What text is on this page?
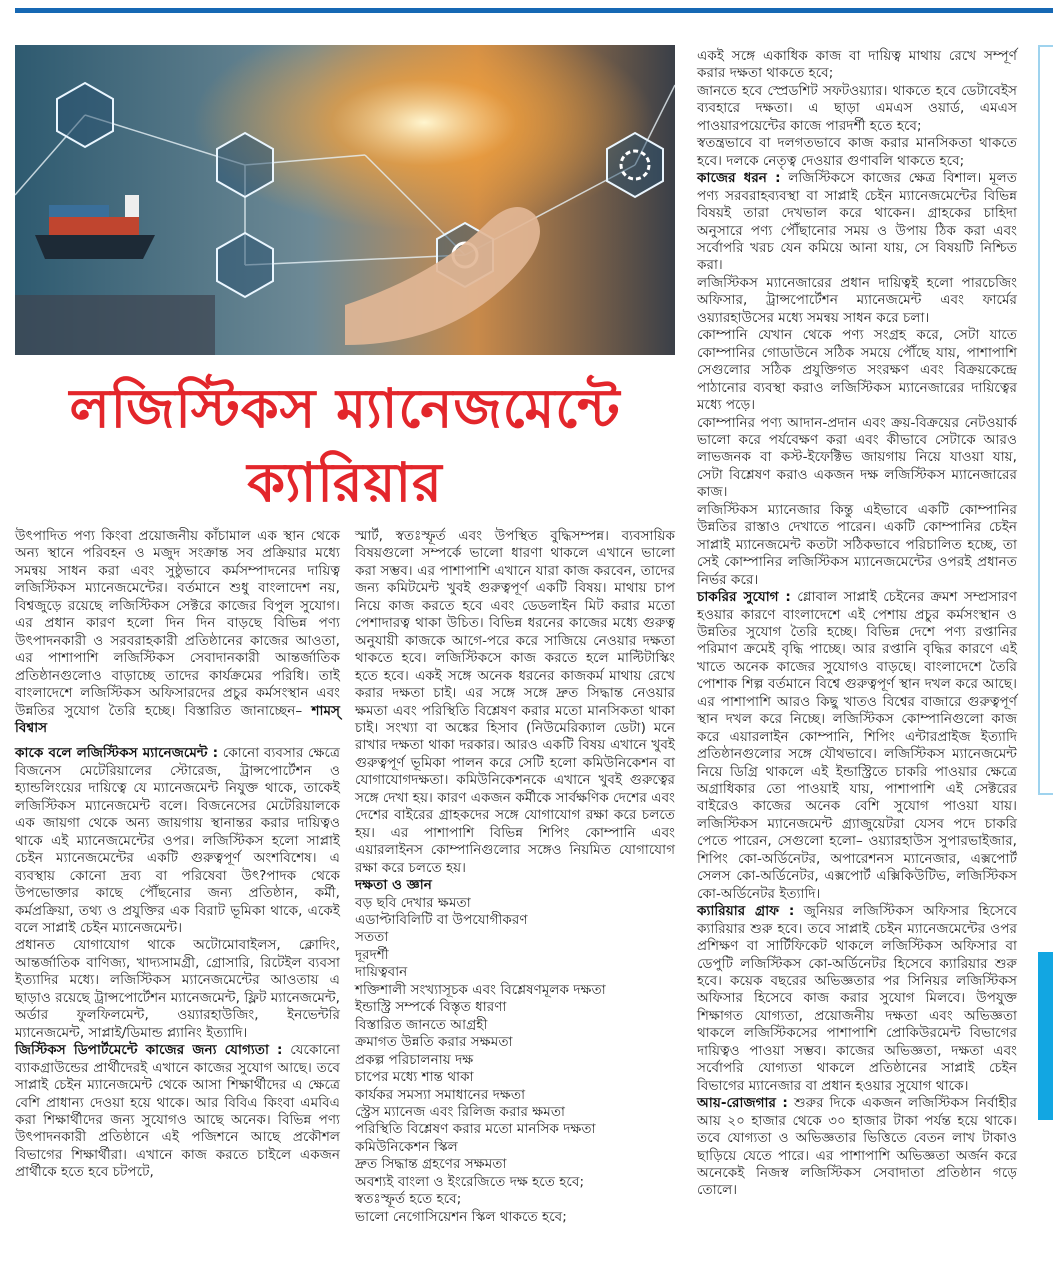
লজিস্টিকস ম্যানেজমেন্টে
ক্যারিয়ার

উৎপাদিত পণ্য কিংবা প্রয়োজনীয় কাঁচামাল এক স্থান থেকে অন্য স্থানে পরিবহন ও মজুদ সংক্রান্ত সব প্রক্রিয়ার মধ্যে সমন্বয় সাধন করা এবং সুষ্ঠুভাবে কর্মসম্পাদনের দায়িত্ব লজিস্টিকস ম্যানেজমেন্টের। বর্তমানে শুধু বাংলাদেশ নয়, বিশ্বজুড়ে রয়েছে লজিস্টিকস সেক্টরে কাজের বিপুল সুযোগ। এর প্রধান কারণ হলো দিন দিন বাড়ছে বিভিন্ন পণ্য উৎপাদনকারী ও সরবরাহকারী প্রতিষ্ঠানের কাজের আওতা, এর পাশাপাশি লজিস্টিকস সেবাদানকারী আন্তর্জাতিক প্রতিষ্ঠানগুলোও বাড়াচ্ছে তাদের কার্যক্রমের পরিধি। তাই বাংলাদেশে লজিস্টিকস অফিসারদের প্রচুর কর্মসংস্থান এবং উন্নতির সুযোগ তৈরি হচ্ছে। বিস্তারিত জানাচ্ছেন– শামস্ বিশ্বাস

কাকে বলে লজিস্টিকস ম্যানেজমেন্ট : কোনো ব্যবসার ক্ষেত্রে বিজনেস মেটেরিয়ালের স্টোরেজ, ট্রান্সপোর্টেশন ও হ্যান্ডলিংয়ের দায়িত্বে যে ম্যানেজমেন্ট নিযুক্ত থাকে, তাকেই লজিস্টিকস ম্যানেজমেন্ট বলে। বিজনেসের মেটেরিয়ালকে এক জায়গা থেকে অন্য জায়গায় স্থানান্তর করার দায়িত্বও থাকে এই ম্যানেজমেন্টের ওপর। লজিস্টিকস হলো সাপ্লাই চেইন ম্যানেজমেন্টের একটি গুরুত্বপূর্ণ অংশবিশেষ। এ ব্যবস্থায় কোনো দ্রব্য বা পরিষেবা উৎ?পাদক থেকে উপভোক্তার কাছে পৌঁছনোর জন্য প্রতিষ্ঠান, কর্মী, কর্মপ্রক্রিয়া, তথ্য ও প্রযুক্তির এক বিরাট ভূমিকা থাকে, একেই বলে সাপ্লাই চেইন ম্যানেজমেন্ট।

প্রধানত যোগাযোগ থাকে অটোমোবাইলস, ক্লোদিং, আন্তর্জাতিক বাণিজ্য, খাদ্যসামগ্রী, গ্রোসারি, রিটেইল ব্যবসা ইত্যাদির মধ্যে। লজিস্টিকস ম্যানেজমেন্টের আওতায় এ ছাড়াও রয়েছে ট্রান্সপোর্টেশন ম্যানেজমেন্ট, ফ্লিট ম্যানেজমেন্ট, অর্ডার ফুলফিলমেন্ট, ওয়্যারহাউজিং, ইনভেন্টরি ম্যানেজমেন্ট, সাপ্লাই/ডিমান্ড প্ল্যানিং ইত্যাদি।

জিস্টিকস ডিপার্টমেন্টে কাজের জন্য যোগ্যতা : যেকোনো ব্যাকগ্রাউন্ডের প্রার্থীদেরই এখানে কাজের সুযোগ আছে। তবে সাপ্লাই চেইন ম্যানেজমেন্ট থেকে আসা শিক্ষার্থীদের এ ক্ষেত্রে বেশি প্রাধান্য দেওয়া হয়ে থাকে। আর বিবিএ কিংবা এমবিএ করা শিক্ষার্থীদের জন্য সুযোগও আছে অনেক। বিভিন্ন পণ্য উৎপাদনকারী প্রতিষ্ঠানে এই পজিশনে আছে প্রকৌশল বিভাগের শিক্ষার্থীরা। এখানে কাজ করতে চাইলে একজন প্রার্থীকে হতে হবে চটপটে,

স্মার্ট, স্বতঃস্ফূর্ত এবং উপস্থিত বুদ্ধিসম্পন্ন। ব্যবসায়িক বিষয়গুলো সম্পর্কে ভালো ধারণা থাকলে এখানে ভালো করা সম্ভব। এর পাশাপাশি এখানে যারা কাজ করবেন, তাদের জন্য কমিটমেন্ট খুবই গুরুত্বপূর্ণ একটি বিষয়। মাথায় চাপ নিয়ে কাজ করতে হবে এবং ডেডলাইন মিট করার মতো পেশাদারত্ব থাকা উচিত। বিভিন্ন ধরনের কাজের মধ্যে গুরুত্ব অনুযায়ী কাজকে আগে-পরে করে সাজিয়ে নেওয়ার দক্ষতা থাকতে হবে। লজিস্টিকসে কাজ করতে হলে মাল্টিটাস্কিং হতে হবে। একই সঙ্গে অনেক ধরনের কাজকর্ম মাথায় রেখে করার দক্ষতা চাই। এর সঙ্গে সঙ্গে দ্রুত সিদ্ধান্ত নেওয়ার ক্ষমতা এবং পরিস্থিতি বিশ্লেষণ করার মতো মানসিকতা থাকা চাই। সংখ্যা বা অঙ্কের হিসাব (নিউমেরিক্যাল ডেটা) মনে রাখার দক্ষতা থাকা দরকার। আরও একটি বিষয় এখানে খুবই গুরুত্বপূর্ণ ভূমিকা পালন করে সেটি হলো কমিউনিকেশন বা যোগাযোগদক্ষতা। কমিউনিকেশনকে এখানে খুবই গুরুত্বের সঙ্গে দেখা হয়। কারণ একজন কর্মীকে সার্বক্ষণিক দেশের এবং দেশের বাইরের গ্রাহকদের সঙ্গে যোগাযোগ রক্ষা করে চলতে হয়। এর পাশাপাশি বিভিন্ন শিপিং কোম্পানি এবং এয়ারলাইনস কোম্পানিগুলোর সঙ্গেও নিয়মিত যোগাযোগ রক্ষা করে চলতে হয়।

দক্ষতা ও জ্ঞান
বড় ছবি দেখার ক্ষমতা
এডাপ্টাবিলিটি বা উপযোগীকরণ
সততা
দূরদর্শী
দায়িত্ববান
শক্তিশালী সংখ্যাসূচক এবং বিশ্লেষণমূলক দক্ষতা
ইন্ডাস্ট্রি সম্পর্কে বিস্তৃত ধারণা
বিস্তারিত জানতে আগ্রহী
ক্রমাগত উন্নতি করার সক্ষমতা
প্রকল্প পরিচালনায় দক্ষ
চাপের মধ্যে শান্ত থাকা
কার্যকর সমস্যা সমাধানের দক্ষতা
স্ট্রেস ম্যানেজ এবং রিলিজ করার ক্ষমতা
পরিস্থিতি বিশ্লেষণ করার মতো মানসিক দক্ষতা
কমিউনিকেশন স্কিল
দ্রুত সিদ্ধান্ত গ্রহণের সক্ষমতা
অবশ্যই বাংলা ও ইংরেজিতে দক্ষ হতে হবে;
স্বতঃস্ফূর্ত হতে হবে;
ভালো নেগোসিয়েশন স্কিল থাকতে হবে;

একই সঙ্গে একাধিক কাজ বা দায়িত্ব মাথায় রেখে সম্পূর্ণ করার দক্ষতা থাকতে হবে;

জানতে হবে স্প্রেডশিট সফটওয়্যার। থাকতে হবে ডেটাবেইস ব্যবহারে দক্ষতা। এ ছাড়া এমএস ওয়ার্ড, এমএস পাওয়ারপয়েন্টের কাজে পারদর্শী হতে হবে;

স্বতন্ত্রভাবে বা দলগতভাবে কাজ করার মানসিকতা থাকতে হবে। দলকে নেতৃত্ব দেওয়ার গুণাবলি থাকতে হবে;

কাজের ধরন : লজিস্টিকসে কাজের ক্ষেত্র বিশাল। মূলত পণ্য সরবরাহব্যবস্থা বা সাপ্লাই চেইন ম্যানেজমেন্টের বিভিন্ন বিষয়ই তারা দেখভাল করে থাকেন। গ্রাহকের চাহিদা অনুসারে পণ্য পৌঁছানোর সময় ও উপায় ঠিক করা এবং সর্বোপরি খরচ যেন কমিয়ে আনা যায়, সে বিষয়টি নিশ্চিত করা।

লজিস্টিকস ম্যানেজারের প্রধান দায়িত্বই হলো পারচেজিং অফিসার, ট্রান্সপোর্টেশন ম্যানেজমেন্ট এবং ফার্মের ওয়্যারহাউসের মধ্যে সমন্বয় সাধন করে চলা।

কোম্পানি যেখান থেকে পণ্য সংগ্রহ করে, সেটা যাতে কোম্পানির গোডাউনে সঠিক সময়ে পৌঁছে যায়, পাশাপাশি সেগুলোর সঠিক প্রযুক্তিগত সংরক্ষণ এবং বিক্রয়কেন্দ্রে পাঠানোর ব্যবস্থা করাও লজিস্টিকস ম্যানেজারের দায়িত্বের মধ্যে পড়ে।

কোম্পানির পণ্য আদান-প্রদান এবং ক্রয়-বিক্রয়ের নেটওয়ার্ক ভালো করে পর্যবেক্ষণ করা এবং কীভাবে সেটাকে আরও লাভজনক বা কস্ট-ইফেক্টিভ জায়গায় নিয়ে যাওয়া যায়, সেটা বিশ্লেষণ করাও একজন দক্ষ লজিস্টিকস ম্যানেজারের কাজ।

লজিস্টিকস ম্যানেজার কিন্তু এইভাবে একটি কোম্পানির উন্নতির রাস্তাও দেখাতে পারেন। একটি কোম্পানির চেইন সাপ্লাই ম্যানেজমেন্ট কতটা সঠিকভাবে পরিচালিত হচ্ছে, তা সেই কোম্পানির লজিস্টিকস ম্যানেজমেন্টের ওপরই প্রধানত নির্ভর করে।

চাকরির সুযোগ : গ্লোবাল সাপ্লাই চেইনের ক্রমশ সম্প্রসারণ হওয়ার কারণে বাংলাদেশে এই পেশায় প্রচুর কর্মসংস্থান ও উন্নতির সুযোগ তৈরি হচ্ছে। বিভিন্ন দেশে পণ্য রপ্তানির পরিমাণ ক্রমেই বৃদ্ধি পাচ্ছে। আর রপ্তানি বৃদ্ধির কারণে এই খাতে অনেক কাজের সুযোগও বাড়ছে। বাংলাদেশে তৈরি পোশাক শিল্প বর্তমানে বিশ্বে গুরুত্বপূর্ণ স্থান দখল করে আছে। এর পাশাপাশি আরও কিছু খাতও বিশ্বের বাজারে গুরুত্বপূর্ণ স্থান দখল করে নিচ্ছে। লজিস্টিকস কোম্পানিগুলো কাজ করে এয়ারলাইন কোম্পানি, শিপিং এন্টারপ্রাইজ ইত্যাদি প্রতিষ্ঠানগুলোর সঙ্গে যৌথভাবে। লজিস্টিকস ম্যানেজমেন্ট নিয়ে ডিগ্রি থাকলে এই ইন্ডাস্ট্রিতে চাকরি পাওয়ার ক্ষেত্রে অগ্রাধিকার তো পাওয়াই যায়, পাশাপাশি এই সেক্টরের বাইরেও কাজের অনেক বেশি সুযোগ পাওয়া যায়। লজিস্টিকস ম্যানেজমেন্ট গ্র্যাজুয়েটরা যেসব পদে চাকরি পেতে পারেন, সেগুলো হলো– ওয়্যারহাউস সুপারভাইজার, শিপিং কো-অর্ডিনেটর, অপারেশনস ম্যানেজার, এক্সপোর্ট সেলস কো-অর্ডিনেটর, এক্সপোর্ট এক্সিকিউটিভ, লজিস্টিকস কো-অর্ডিনেটর ইত্যাদি।

ক্যারিয়ার গ্রাফ : জুনিয়র লজিস্টিকস অফিসার হিসেবে ক্যারিয়ার শুরু হবে। তবে সাপ্লাই চেইন ম্যানেজমেন্টের ওপর প্রশিক্ষণ বা সার্টিফিকেট থাকলে লজিস্টিকস অফিসার বা ডেপুটি লজিস্টিকস কো-অর্ডিনেটর হিসেবে ক্যারিয়ার শুরু হবে। কয়েক বছরের অভিজ্ঞতার পর সিনিয়র লজিস্টিকস অফিসার হিসেবে কাজ করার সুযোগ মিলবে। উপযুক্ত শিক্ষাগত যোগ্যতা, প্রয়োজনীয় দক্ষতা এবং অভিজ্ঞতা থাকলে লজিস্টিকসের পাশাপাশি প্রোকিউরমেন্ট বিভাগের দায়িত্বও পাওয়া সম্ভব। কাজের অভিজ্ঞতা, দক্ষতা এবং সর্বোপরি যোগ্যতা থাকলে প্রতিষ্ঠানের সাপ্লাই চেইন বিভাগের ম্যানেজার বা প্রধান হওয়ার সুযোগ থাকে।

আয়-রোজগার : শুরুর দিকে একজন লজিস্টিকস নির্বাহীর আয় ২০ হাজার থেকে ৩০ হাজার টাকা পর্যন্ত হয়ে থাকে। তবে যোগ্যতা ও অভিজ্ঞতার ভিত্তিতে বেতন লাখ টাকাও ছাড়িয়ে যেতে পারে। এর পাশাপাশি অভিজ্ঞতা অর্জন করে অনেকেই নিজস্ব লজিস্টিকস সেবাদাতা প্রতিষ্ঠান গড়ে তোলে।
